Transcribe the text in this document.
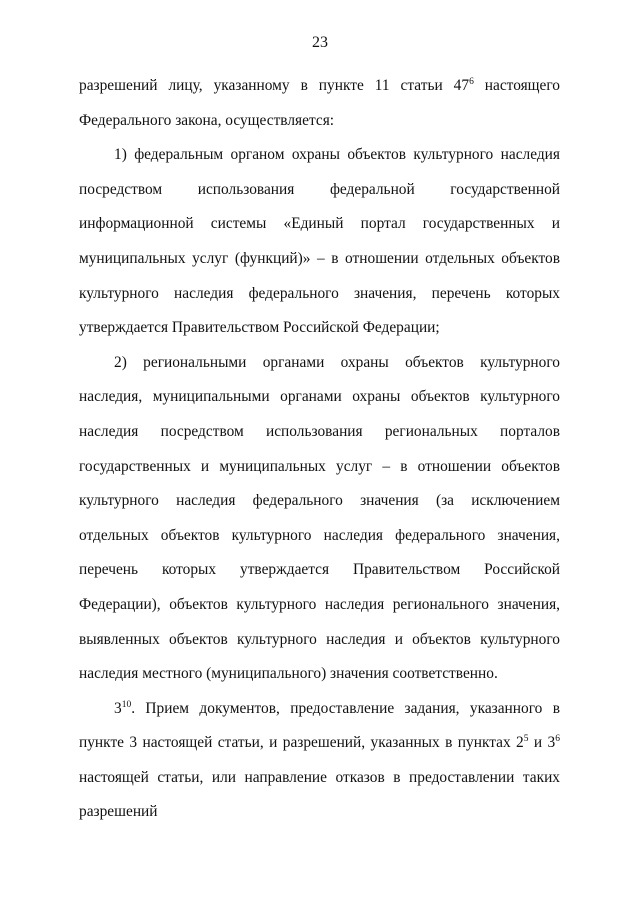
23

разрешений лицу, указанному в пункте 11 статьи $47^6$ настоящего Федерального закона, осуществляется:

1) федеральным органом охраны объектов культурного наследия посредством использования федеральной государственной информационной системы «Единый портал государственных и муниципальных услуг (функций)» – в отношении отдельных объектов культурного наследия федерального значения, перечень которых утверждается Правительством Российской Федерации;

2) региональными органами охраны объектов культурного наследия, муниципальными органами охраны объектов культурного наследия посредством использования региональных порталов государственных и муниципальных услуг – в отношении объектов культурного наследия федерального значения (за исключением отдельных объектов культурного наследия федерального значения, перечень которых утверждается Правительством Российской Федерации), объектов культурного наследия регионального значения, выявленных объектов культурного наследия и объектов культурного наследия местного (муниципального) значения соответственно.

$3^{10}$. Прием документов, предоставление задания, указанного в пункте 3 настоящей статьи, и разрешений, указанных в пунктах $2^5$ и $3^6$ настоящей статьи, или направление отказов в предоставлении таких разрешений
